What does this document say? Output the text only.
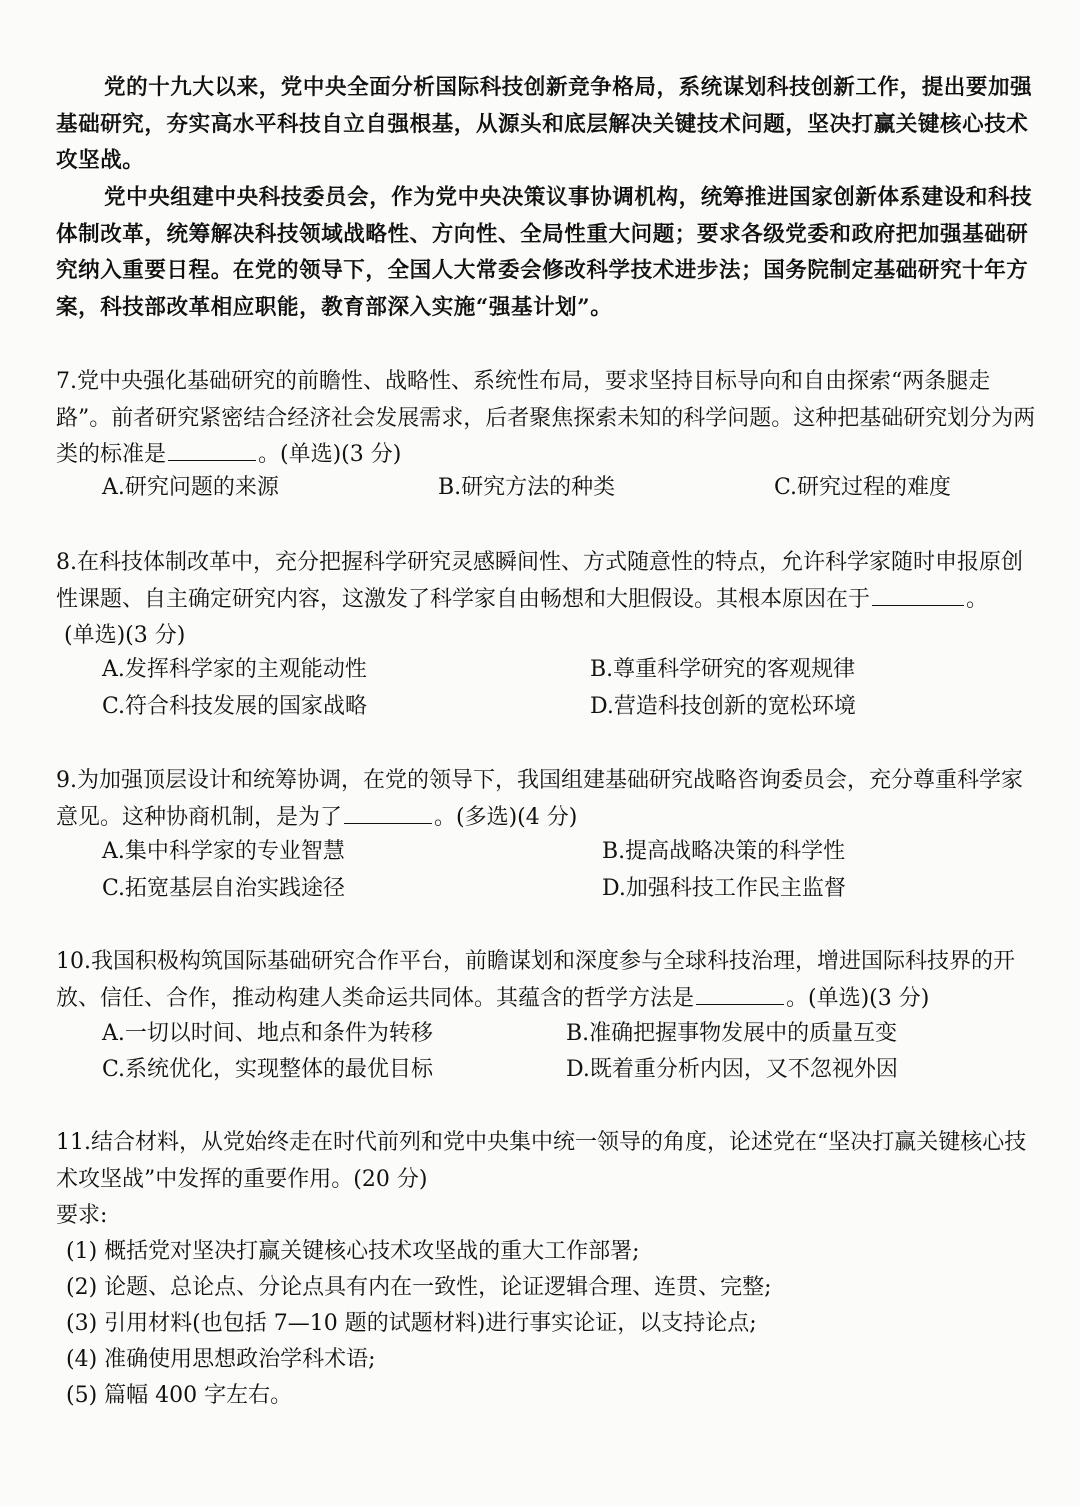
党的十九大以来，党中央全面分析国际科技创新竞争格局，系统谋划科技创新工作，提出要加强基础研究，夯实高水平科技自立自强根基，从源头和底层解决关键技术问题，坚决打赢关键核心技术攻坚战。

党中央组建中央科技委员会，作为党中央决策议事协调机构，统筹推进国家创新体系建设和科技体制改革，统筹解决科技领域战略性、方向性、全局性重大问题；要求各级党委和政府把加强基础研究纳入重要日程。在党的领导下，全国人大常委会修改科学技术进步法；国务院制定基础研究十年方案，科技部改革相应职能，教育部深入实施“强基计划”。

7.党中央强化基础研究的前瞻性、战略性、系统性布局，要求坚持目标导向和自由探索“两条腿走路”。前者研究紧密结合经济社会发展需求，后者聚焦探索未知的科学问题。这种把基础研究划分为两类的标准是	。(单选)(3 分)

A.研究问题的来源	B.研究方法的种类	C.研究过程的难度

8.在科技体制改革中，充分把握科学研究灵感瞬间性、方式随意性的特点，允许科学家随时申报原创性课题、自主确定研究内容，这激发了科学家自由畅想和大胆假设。其根本原因在于	。

(单选)(3 分)
A.发挥科学家的主观能动性	B.尊重科学研究的客观规律
C.符合科技发展的国家战略	D.营造科技创新的宽松环境

9.为加强顶层设计和统筹协调，在党的领导下，我国组建基础研究战略咨询委员会，充分尊重科学家意见。这种协商机制，是为了	。(多选)(4 分)

A.集中科学家的专业智慧	B.提高战略决策的科学性
C.拓宽基层自治实践途径	D.加强科技工作民主监督

10.我国积极构筑国际基础研究合作平台，前瞻谋划和深度参与全球科技治理，增进国际科技界的开放、信任、合作，推动构建人类命运共同体。其蕴含的哲学方法是	。(单选)(3 分)

A.一切以时间、地点和条件为转移	B.准确把握事物发展中的质量互变
C.系统优化，实现整体的最优目标	D.既着重分析内因，又不忽视外因

11.结合材料，从党始终走在时代前列和党中央集中统一领导的角度，论述党在“坚决打赢关键核心技术攻坚战”中发挥的重要作用。(20 分)

要求:
(1) 概括党对坚决打赢关键核心技术攻坚战的重大工作部署;
(2) 论题、总论点、分论点具有内在一致性，论证逻辑合理、连贯、完整;
(3) 引用材料(也包括 7—10 题的试题材料)进行事实论证，以支持论点;
(4) 准确使用思想政治学科术语;
(5) 篇幅 400 字左右。
